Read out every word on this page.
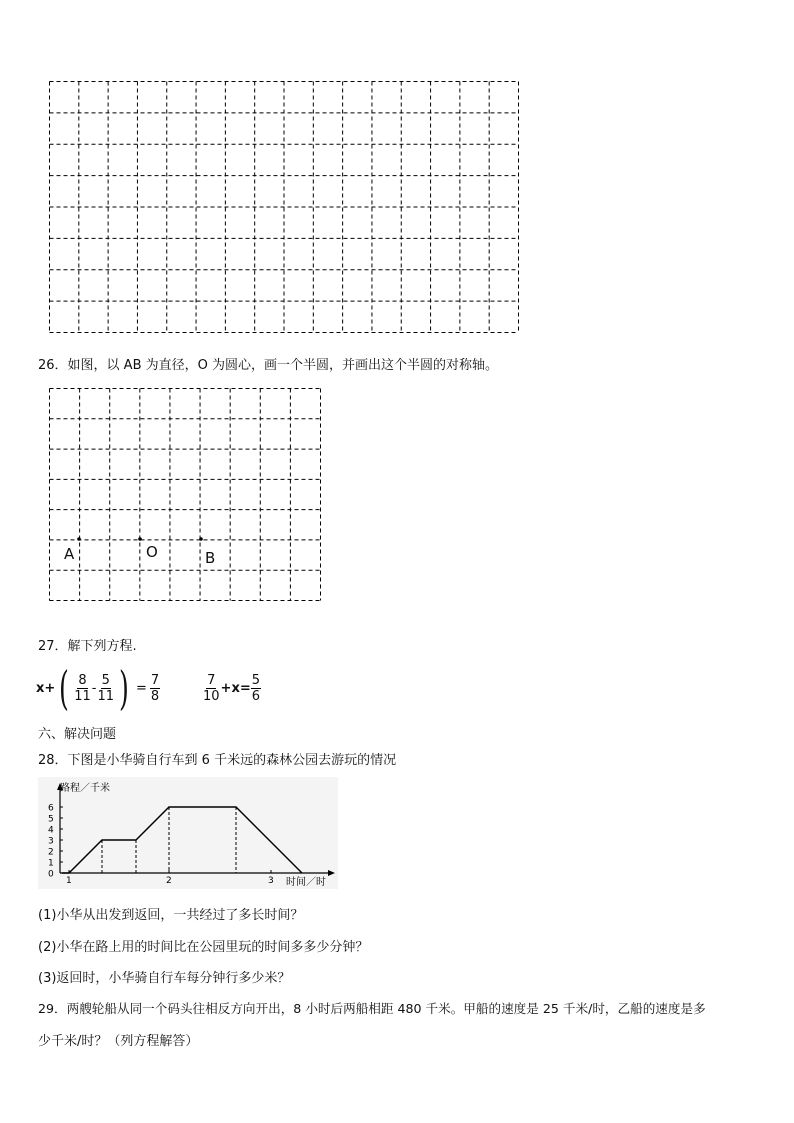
26．如图，以 AB 为直径，O 为圆心，画一个半圆，并画出这个半圆的对称轴。
A	O	B
27．解下列方程.
x+ ( $\frac{8}{11} - \frac{5}{11}$ ) = $\frac{7}{8}$	$\frac{7}{10} +x= \frac{5}{6}$
六、解决问题
28．下图是小华骑自行车到 6 千米远的森林公园去游玩的情况
0
1
2
3
4
5
6
1	2	3
路程／千米
时间／时
(1)小华从出发到返回，一共经过了多长时间？
(2)小华在路上用的时间比在公园里玩的时间多多少分钟？
(3)返回时，小华骑自行车每分钟行多少米？
29．两艘轮船从同一个码头往相反方向开出，8 小时后两船相距 480 千米。甲船的速度是 25 千米/时，乙船的速度是多
少千米/时？（列方程解答）
